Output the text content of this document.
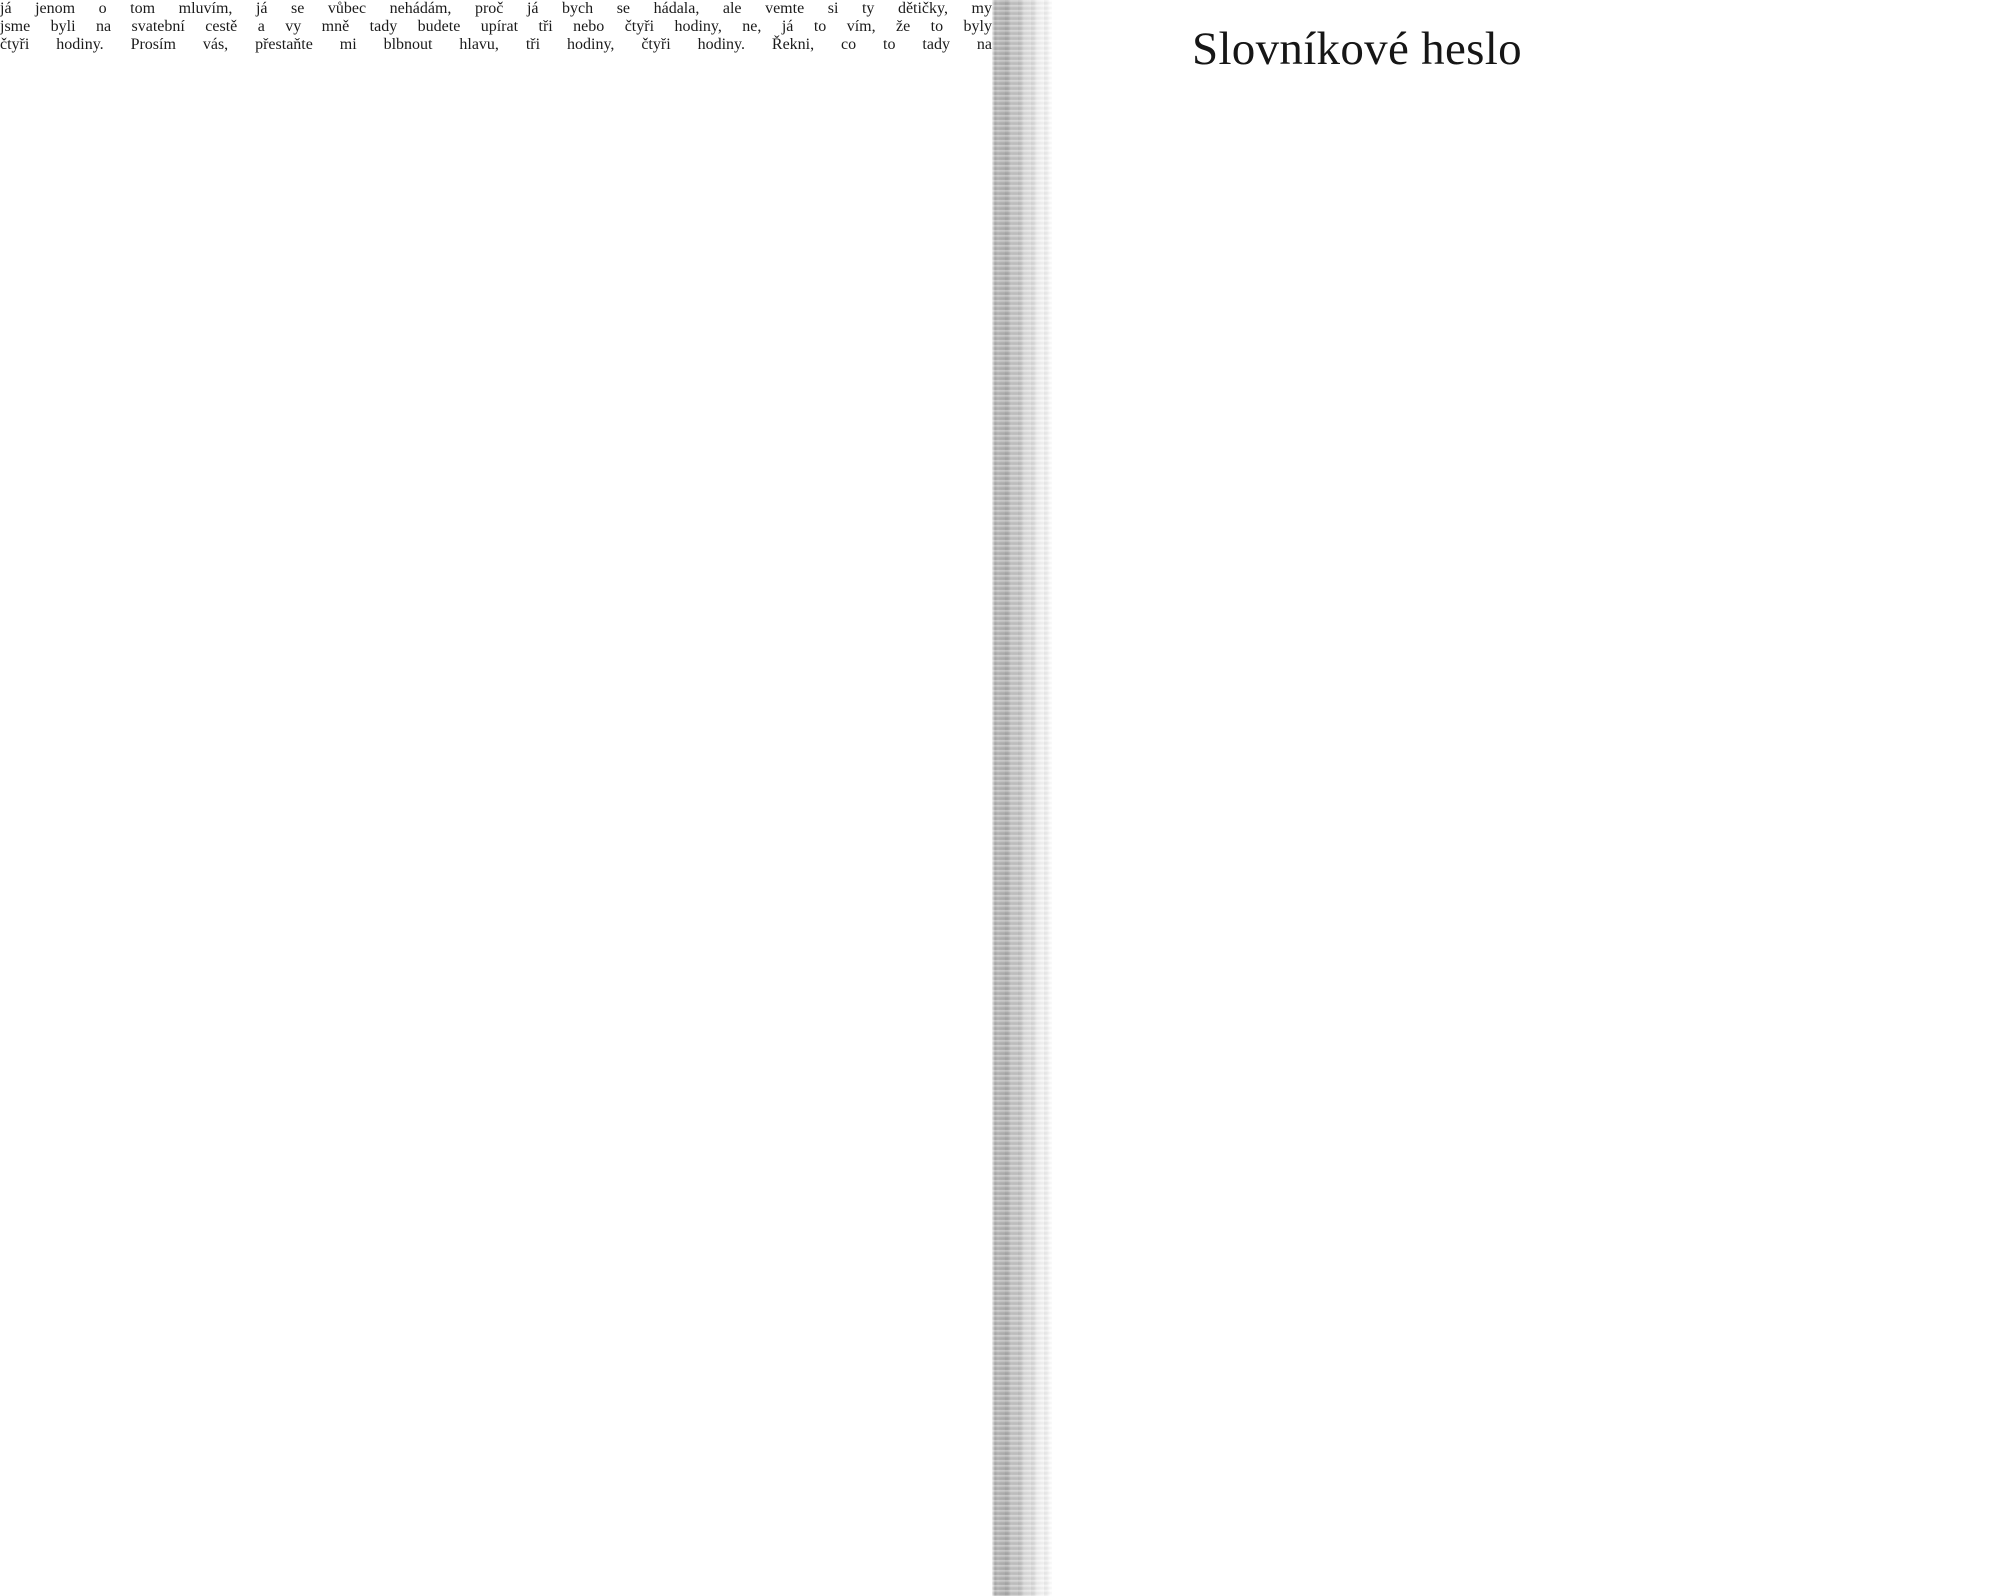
já jenom o tom mluvím, já se vůbec nehádám, proč já bych se hádala, ale vemte si ty dětičky, my
jsme byli na svatební cestě a vy mně tady budete upírat tři nebo čtyři hodiny, ne, já to vím, že to byly
čtyři hodiny. Prosím vás, přestaňte mi blbnout hlavu, tři hodiny, čtyři hodiny. Řekni, co to tady na	Slovníkové heslo
